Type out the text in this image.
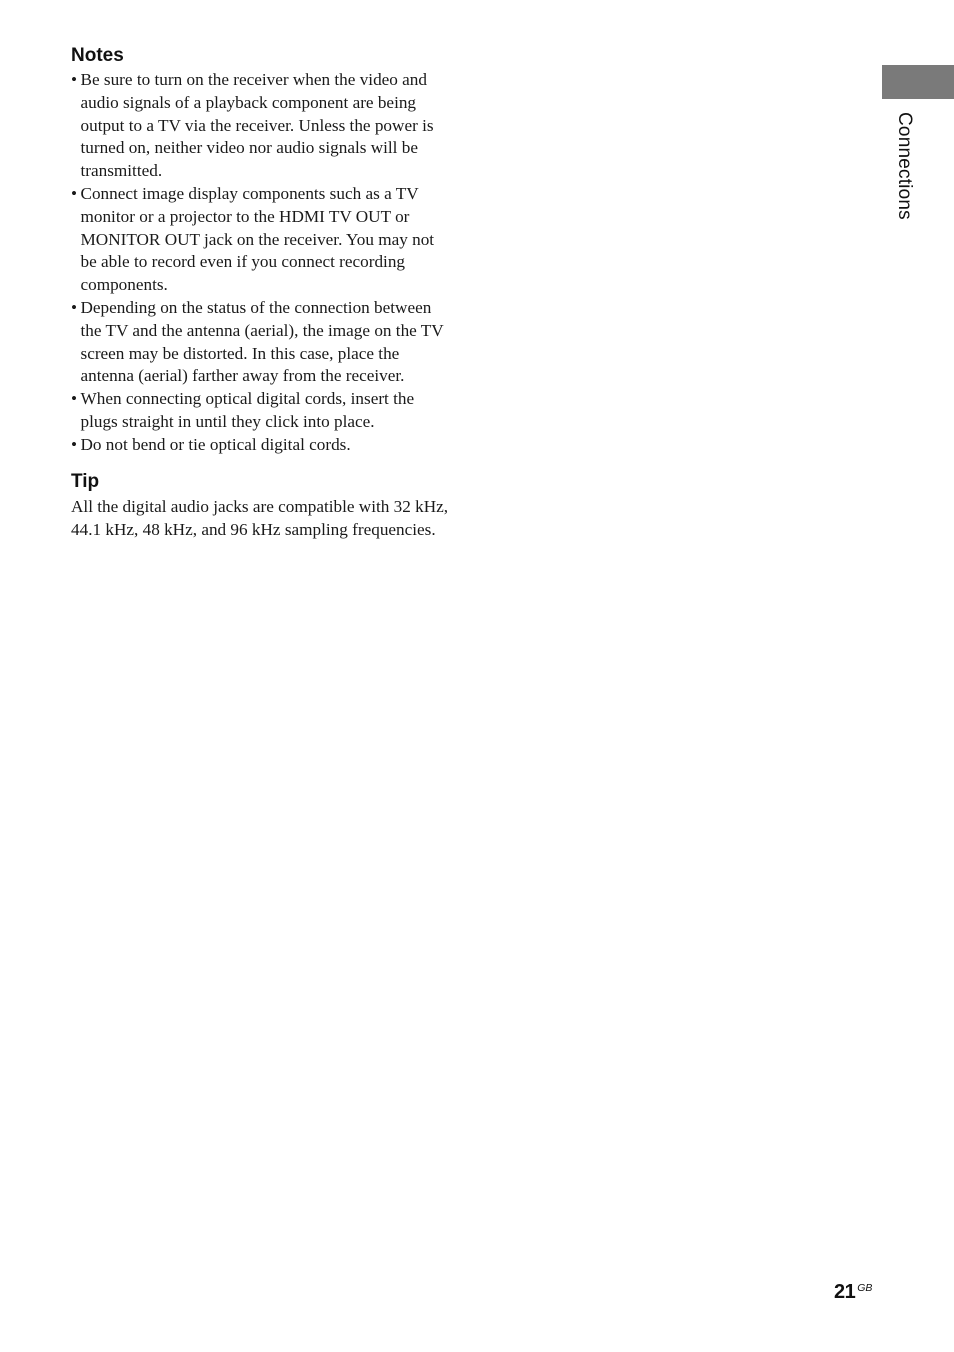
Notes
• Be sure to turn on the receiver when the video and audio signals of a playback component are being output to a TV via the receiver. Unless the power is turned on, neither video nor audio signals will be transmitted.
• Connect image display components such as a TV monitor or a projector to the HDMI TV OUT or MONITOR OUT jack on the receiver. You may not be able to record even if you connect recording components.
• Depending on the status of the connection between the TV and the antenna (aerial), the image on the TV screen may be distorted. In this case, place the antenna (aerial) farther away from the receiver.
• When connecting optical digital cords, insert the plugs straight in until they click into place.
• Do not bend or tie optical digital cords.
Tip

All the digital audio jacks are compatible with 32 kHz, 44.1 kHz, 48 kHz, and 96 kHz sampling frequencies.

Connections
21 $^{GB}$
